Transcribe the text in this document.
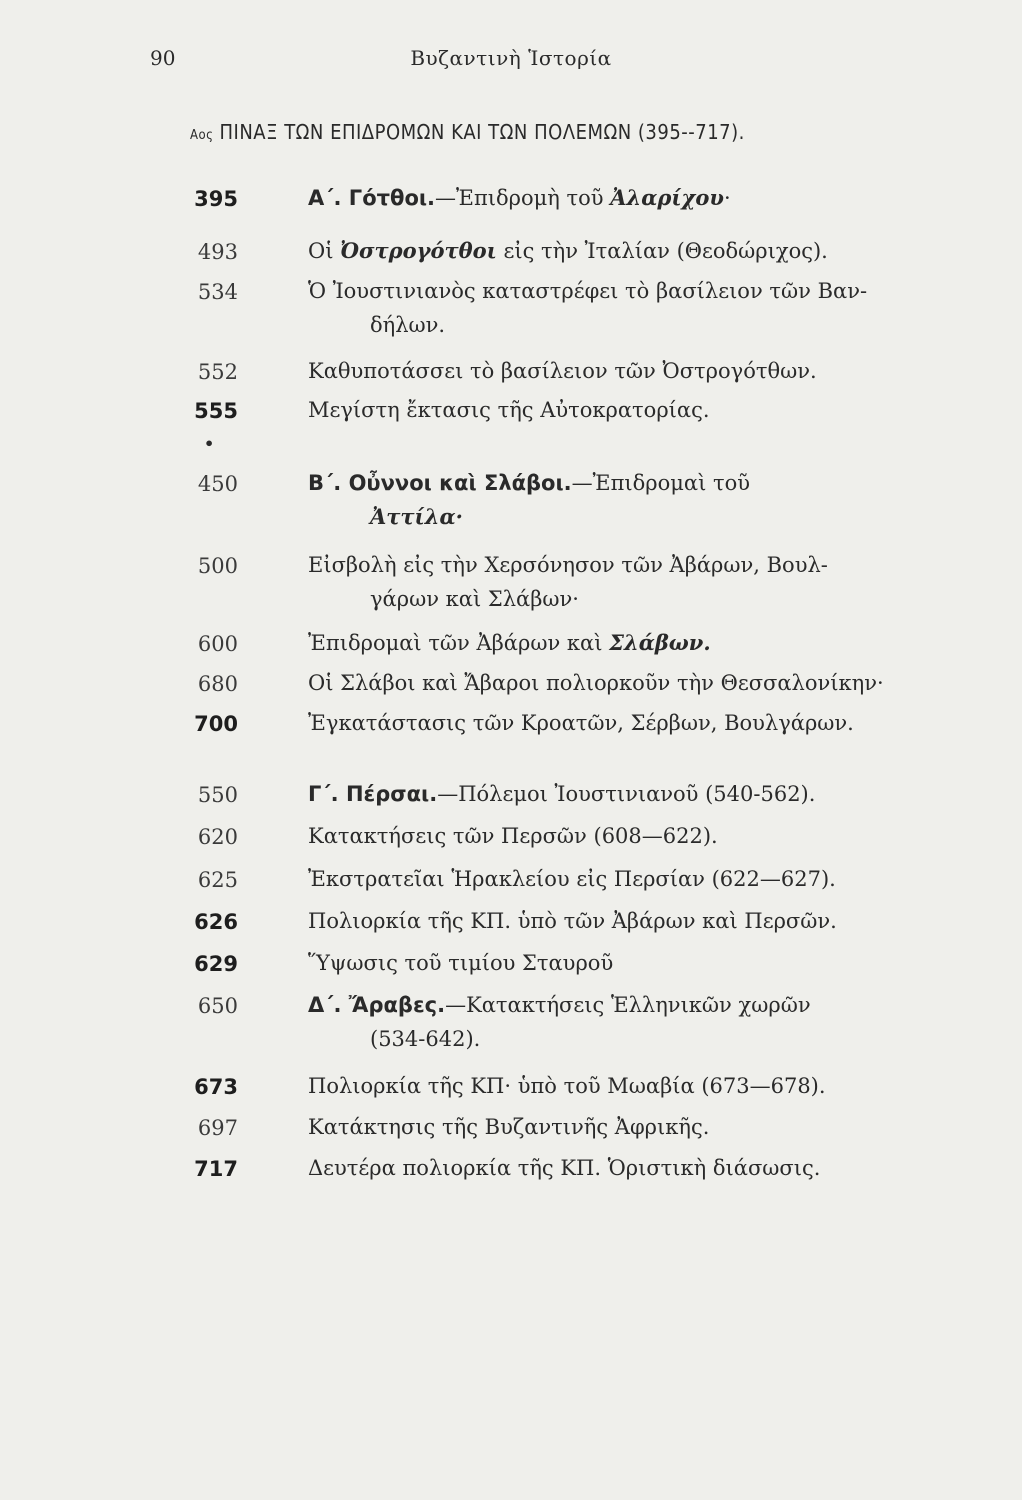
90	Βυζαντινὴ Ἱστορία
Αος ΠΙΝΑΞ ΤΩΝ ΕΠΙΔΡΟΜΩΝ ΚΑΙ ΤΩΝ ΠΟΛΕΜΩΝ (395--717).
395	Α΄. Γότθοι.—Ἐπιδρομὴ τοῦ Ἀλαρίχου·
493	Οἱ Ὀστρογότθοι εἰς τὴν Ἰταλίαν (Θεοδώριχος).
534	Ὁ Ἰουστινιανὸς καταστρέφει τὸ βασίλειον τῶν Βαν-
δήλων.
552	Καθυποτάσσει τὸ βασίλειον τῶν Ὀστρογότθων.
555	Μεγίστη ἔκτασις τῆς Αὐτοκρατορίας.
•
450	Β΄. Οὖννοι καὶ Σλάβοι.—Ἐπιδρομαὶ τοῦ
Ἀττίλα·
500	Εἰσβολὴ εἰς τὴν Χερσόνησον τῶν Ἀβάρων, Βουλ-
γάρων καὶ Σλάβων·
600	Ἐπιδρομαὶ τῶν Ἀβάρων καὶ Σλάβων.
680	Οἱ Σλάβοι καὶ Ἄβαροι πολιορκοῦν τὴν Θεσσαλονίκην·
700	Ἐγκατάστασις τῶν Κροατῶν, Σέρβων, Βουλγάρων.
550	Γ΄. Πέρσαι.—Πόλεμοι Ἰουστινιανοῦ (540-562).
620	Κατακτήσεις τῶν Περσῶν (608—622).
625	Ἐκστρατεῖαι Ἡρακλείου εἰς Περσίαν (622—627).
626	Πολιορκία τῆς ΚΠ. ὑπὸ τῶν Ἀβάρων καὶ Περσῶν.
629	Ὕψωσις τοῦ τιμίου Σταυροῦ
650	Δ΄. Ἄραβες.—Κατακτήσεις Ἑλληνικῶν χωρῶν
(534-642).
673	Πολιορκία τῆς ΚΠ· ὑπὸ τοῦ Μωαβία (673—678).
697	Κατάκτησις τῆς Βυζαντινῆς Ἀφρικῆς.
717	Δευτέρα πολιορκία τῆς ΚΠ. Ὁριστικὴ διάσωσις.
